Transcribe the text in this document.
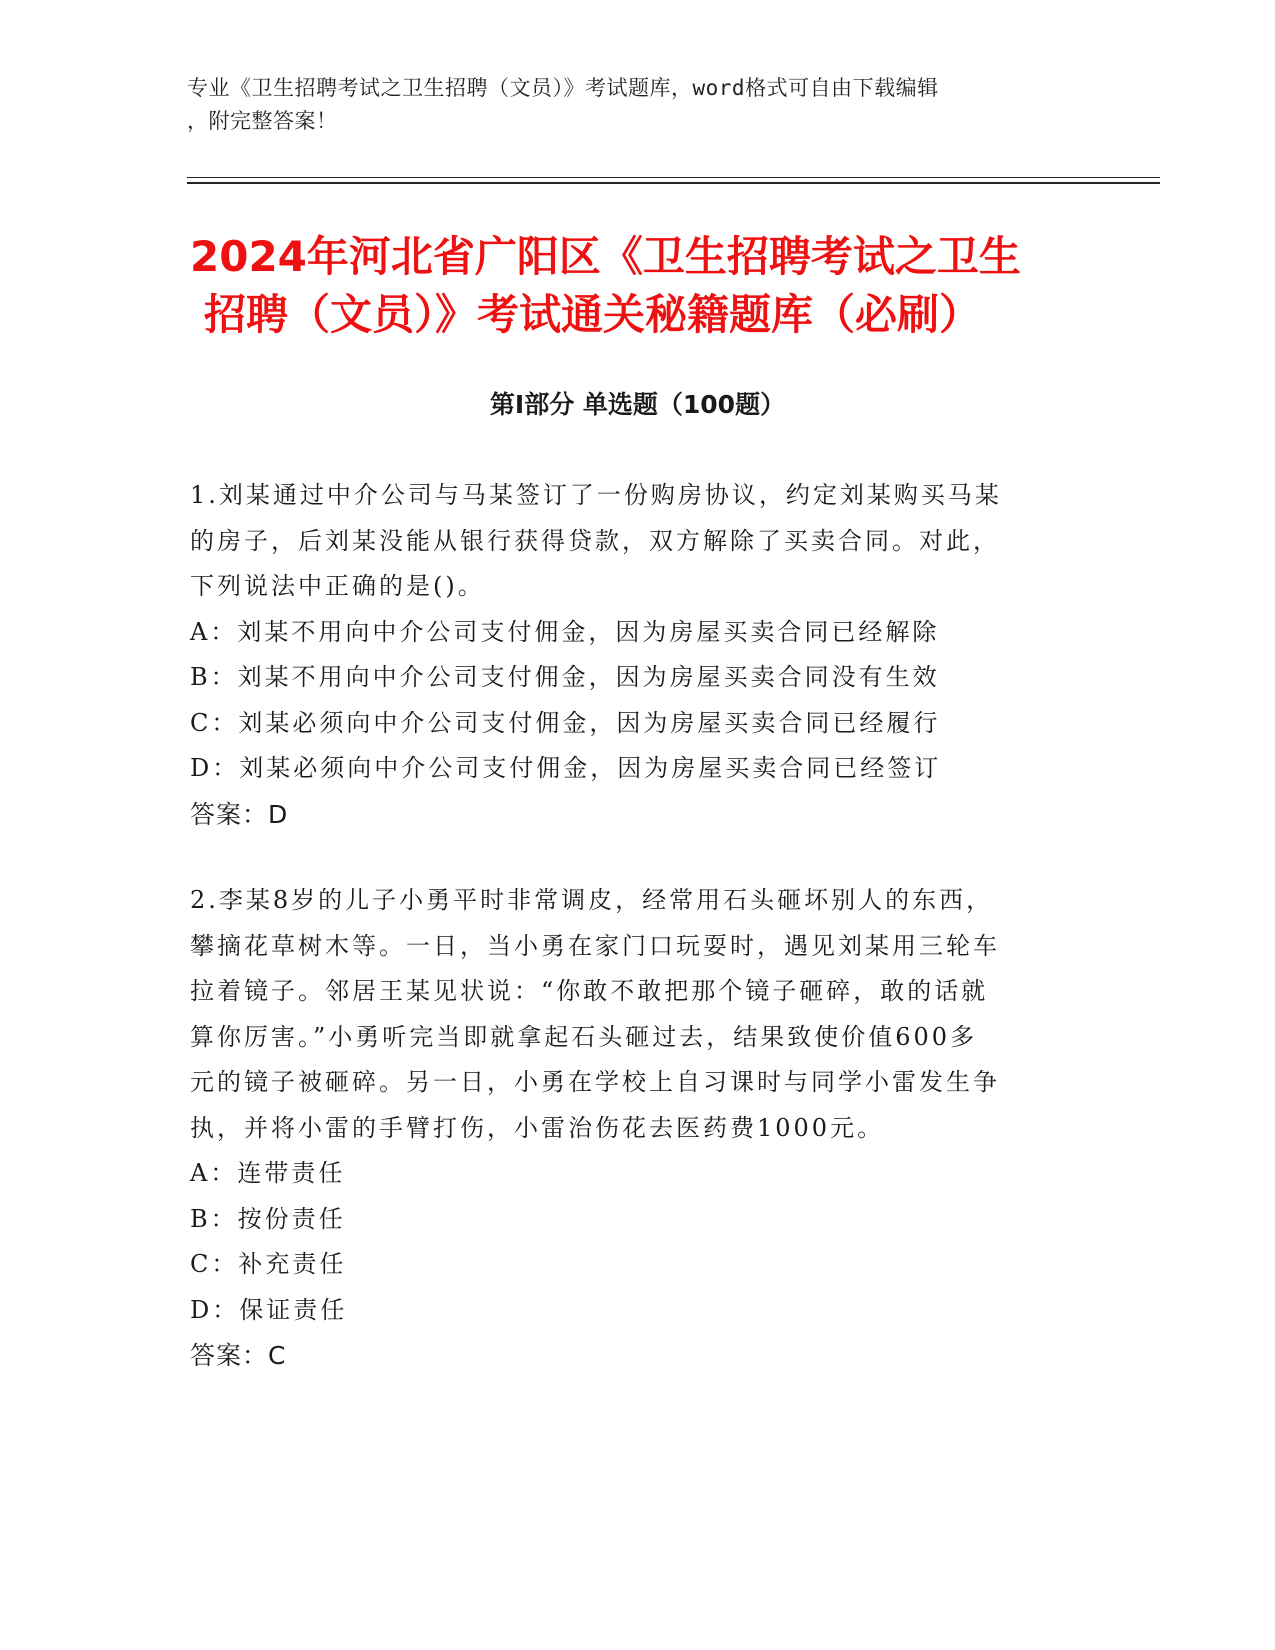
专业《卫生招聘考试之卫生招聘（文员）》考试题库，word格式可自由下载编辑
，附完整答案！
2024年河北省广阳区《卫生招聘考试之卫生
招聘（文员）》考试通关秘籍题库（必刷）
第Ⅰ部分 单选题（100题）
1.刘某通过中介公司与马某签订了一份购房协议，约定刘某购买马某
的房子，后刘某没能从银行获得贷款，双方解除了买卖合同。对此，
下列说法中正确的是()。
A：刘某不用向中介公司支付佣金，因为房屋买卖合同已经解除
B：刘某不用向中介公司支付佣金，因为房屋买卖合同没有生效
C：刘某必须向中介公司支付佣金，因为房屋买卖合同已经履行
D：刘某必须向中介公司支付佣金，因为房屋买卖合同已经签订
答案：D
2.李某8岁的儿子小勇平时非常调皮，经常用石头砸坏别人的东西，
攀摘花草树木等。一日，当小勇在家门口玩耍时，遇见刘某用三轮车
拉着镜子。邻居王某见状说：“你敢不敢把那个镜子砸碎，敢的话就
算你厉害。”小勇听完当即就拿起石头砸过去，结果致使价值600多
元的镜子被砸碎。另一日，小勇在学校上自习课时与同学小雷发生争
执，并将小雷的手臂打伤，小雷治伤花去医药费1000元。
A：连带责任
B：按份责任
C：补充责任
D：保证责任
答案：C
